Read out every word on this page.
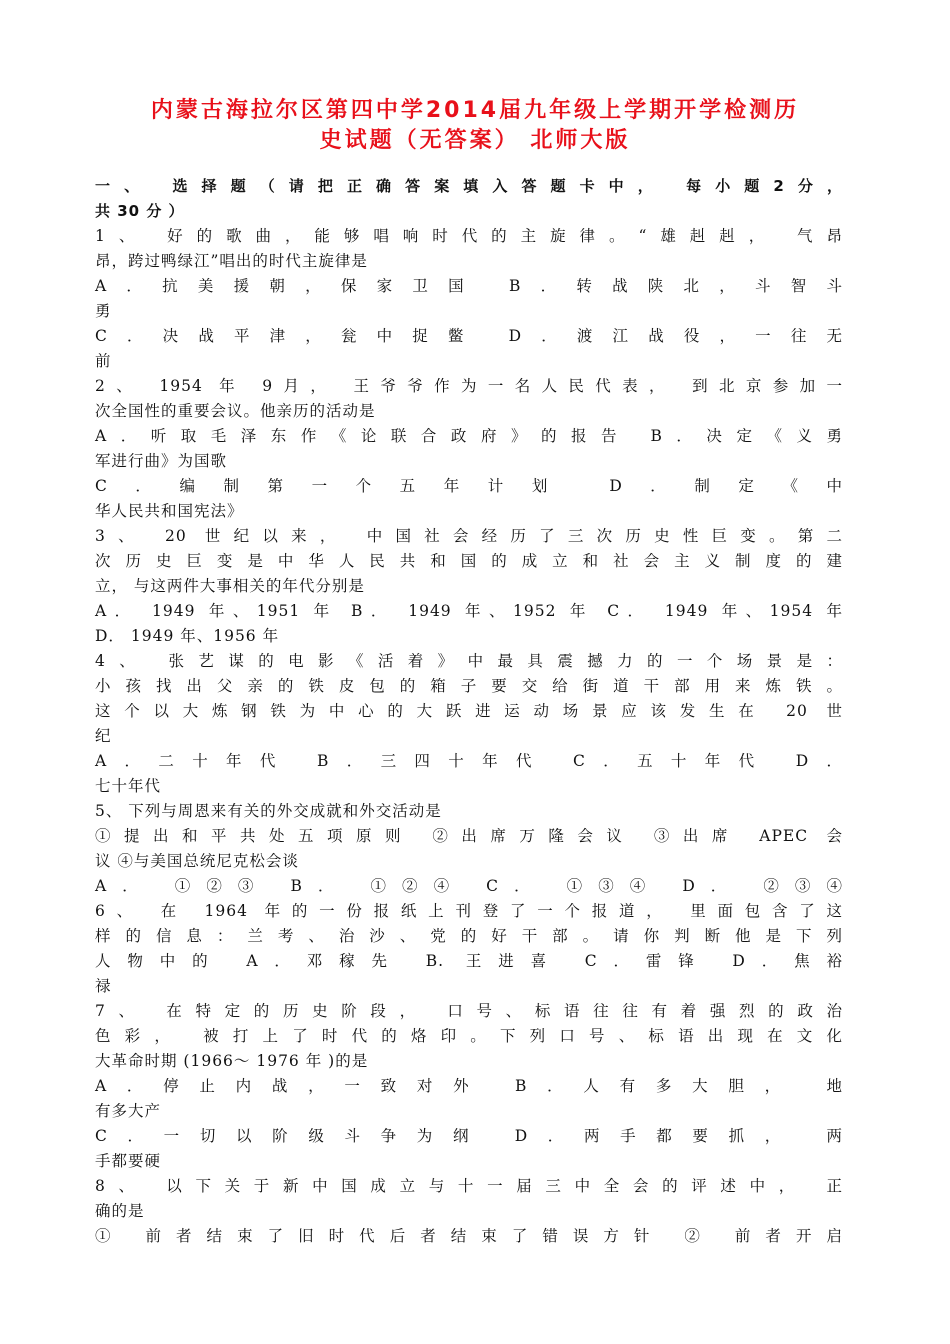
内蒙古海拉尔区第四中学2014届九年级上学期开学检测历
史试题（无答案） 北师大版
一、 选择题（请把正确答案填入答题卡中， 每小题2分，
共 30 分 ）
1、 好的歌曲，能够唱响时代的主旋律。“雄赳赳， 气昂
昂，跨过鸭绿江”唱出的时代主旋律是
A．抗美援朝，保家卫国 B．转战陕北，斗智斗
勇
C．决战平津，瓮中捉鳖 D．渡江战役，一往无
前
2、 1954 年 9月， 王爷爷作为一名人民代表， 到北京参加一
次全国性的重要会议。他亲历的活动是
A．听取毛泽东作《论联合政府》的报告 B．决定《义勇
军进行曲》为国歌
C．编制第一个五年计划 D．制定《中
华人民共和国宪法》
3、 20 世纪以来， 中国社会经历了三次历史性巨变。第二
次历史巨变是中华人民共和国的成立和社会主义制度的建
立， 与这两件大事相关的年代分别是
A． 1949 年、1951 年 B． 1949 年、1952 年 C． 1949 年、1954 年
D． 1949 年、1956 年
4、 张艺谋的电影《活着》中最具震撼力的一个场景是：
小孩找出父亲的铁皮包的箱子要交给街道干部用来炼铁。
这个以大炼钢铁为中心的大跃进运动场景应该发生在 20 世
纪
A．二十年代 B．三四十年代 C．五十年代 D．
七十年代
5、 下列与周恩来有关的外交成就和外交活动是
①提出和平共处五项原则 ②出席万隆会议 ③出席 APEC 会
议 ④与美国总统尼克松会谈
A． ①②③ B． ①②④ C． ①③④ D． ②③④
6、 在 1964 年的一份报纸上刊登了一个报道， 里面包含了这
样的信息：兰考、治沙、党的好干部。请你判断他是下列
人物中的 A．邓稼先 B. 王进喜 C．雷锋 D．焦裕
禄
7、 在特定的历史阶段， 口号、标语往往有着强烈的政治
色彩， 被打上了时代的烙印。下列口号、标语出现在文化
大革命时期 (1966～ 1976 年 )的是
A．停止内战，一致对外 B．人有多大胆， 地
有多大产
C．一切以阶级斗争为纲 D．两手都要抓， 两
手都要硬
8、 以下关于新中国成立与十一届三中全会的评述中， 正
确的是
① 前者结束了旧时代后者结束了错误方针 ② 前者开启
